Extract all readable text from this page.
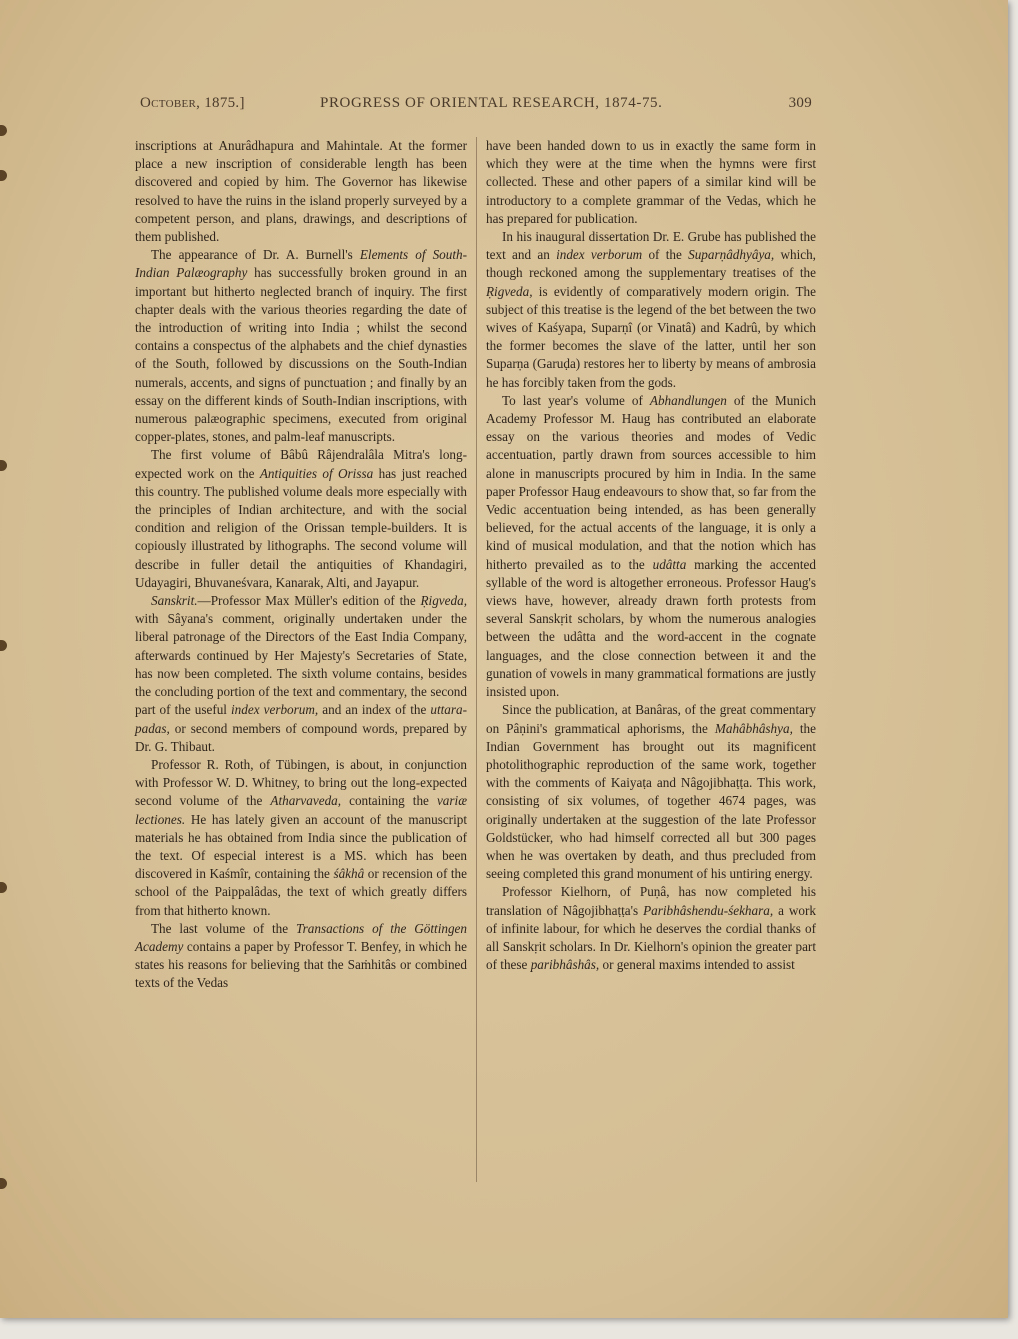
October, 1875.]	PROGRESS OF ORIENTAL RESEARCH, 1874-75.	309

inscriptions at Anurâdhapura and Mahintale. At the former place a new inscription of considerable length has been discovered and copied by him. The Governor has likewise resolved to have the ruins in the island properly surveyed by a competent person, and plans, drawings, and descriptions of them published.

The appearance of Dr. A. Burnell's Elements of South-Indian Palæography has successfully broken ground in an important but hitherto neglected branch of inquiry. The first chapter deals with the various theories regarding the date of the introduction of writing into India ; whilst the second contains a conspectus of the alphabets and the chief dynasties of the South, followed by discussions on the South-Indian numerals, accents, and signs of punctuation ; and finally by an essay on the different kinds of South-Indian inscriptions, with numerous palæographic specimens, executed from original copper-plates, stones, and palm-leaf manuscripts.

The first volume of Bâbû Râjendralâla Mitra's long-expected work on the Antiquities of Orissa has just reached this country. The published volume deals more especially with the principles of Indian architecture, and with the social condition and religion of the Orissan temple-builders. It is copiously illustrated by lithographs. The second volume will describe in fuller detail the antiquities of Khandagiri, Udayagiri, Bhuvaneśvara, Kanarak, Alti, and Jayapur.

Sanskrit.—Professor Max Müller's edition of the Ṛigveda, with Sâyana's comment, originally undertaken under the liberal patronage of the Directors of the East India Company, afterwards continued by Her Majesty's Secretaries of State, has now been completed. The sixth volume contains, besides the concluding portion of the text and commentary, the second part of the useful index verborum, and an index of the uttara-padas, or second members of compound words, prepared by Dr. G. Thibaut.

Professor R. Roth, of Tübingen, is about, in conjunction with Professor W. D. Whitney, to bring out the long-expected second volume of the Atharvaveda, containing the variæ lectiones. He has lately given an account of the manuscript materials he has obtained from India since the publication of the text. Of especial interest is a MS. which has been discovered in Kaśmîr, containing the śâkhâ or recension of the school of the Paippalâdas, the text of which greatly differs from that hitherto known.

The last volume of the Transactions of the Göttingen Academy contains a paper by Professor T. Benfey, in which he states his reasons for believing that the Saṁhitâs or combined texts of the Vedas

have been handed down to us in exactly the same form in which they were at the time when the hymns were first collected. These and other papers of a similar kind will be introductory to a complete grammar of the Vedas, which he has prepared for publication.

In his inaugural dissertation Dr. E. Grube has published the text and an index verborum of the Suparṇâdhyâya, which, though reckoned among the supplementary treatises of the Ṛigveda, is evidently of comparatively modern origin. The subject of this treatise is the legend of the bet between the two wives of Kaśyapa, Suparṇî (or Vinatâ) and Kadrû, by which the former becomes the slave of the latter, until her son Suparṇa (Garuḍa) restores her to liberty by means of ambrosia he has forcibly taken from the gods.

To last year's volume of Abhandlungen of the Munich Academy Professor M. Haug has contributed an elaborate essay on the various theories and modes of Vedic accentuation, partly drawn from sources accessible to him alone in manuscripts procured by him in India. In the same paper Professor Haug endeavours to show that, so far from the Vedic accentuation being intended, as has been generally believed, for the actual accents of the language, it is only a kind of musical modulation, and that the notion which has hitherto prevailed as to the udâtta marking the accented syllable of the word is altogether erroneous. Professor Haug's views have, however, already drawn forth protests from several Sanskṛit scholars, by whom the numerous analogies between the udâtta and the word-accent in the cognate languages, and the close connection between it and the gunation of vowels in many grammatical formations are justly insisted upon.

Since the publication, at Banâras, of the great commentary on Pâṇini's grammatical aphorisms, the Mahâbhâshya, the Indian Government has brought out its magnificent photolithographic reproduction of the same work, together with the comments of Kaiyaṭa and Nâgojibhaṭṭa. This work, consisting of six volumes, of together 4674 pages, was originally undertaken at the suggestion of the late Professor Goldstücker, who had himself corrected all but 300 pages when he was overtaken by death, and thus precluded from seeing completed this grand monument of his untiring energy.

Professor Kielhorn, of Puṇâ, has now completed his translation of Nâgojibhaṭṭa's Paribhâshendu-śekhara, a work of infinite labour, for which he deserves the cordial thanks of all Sanskṛit scholars. In Dr. Kielhorn's opinion the greater part of these paribhâshâs, or general maxims intended to assist
